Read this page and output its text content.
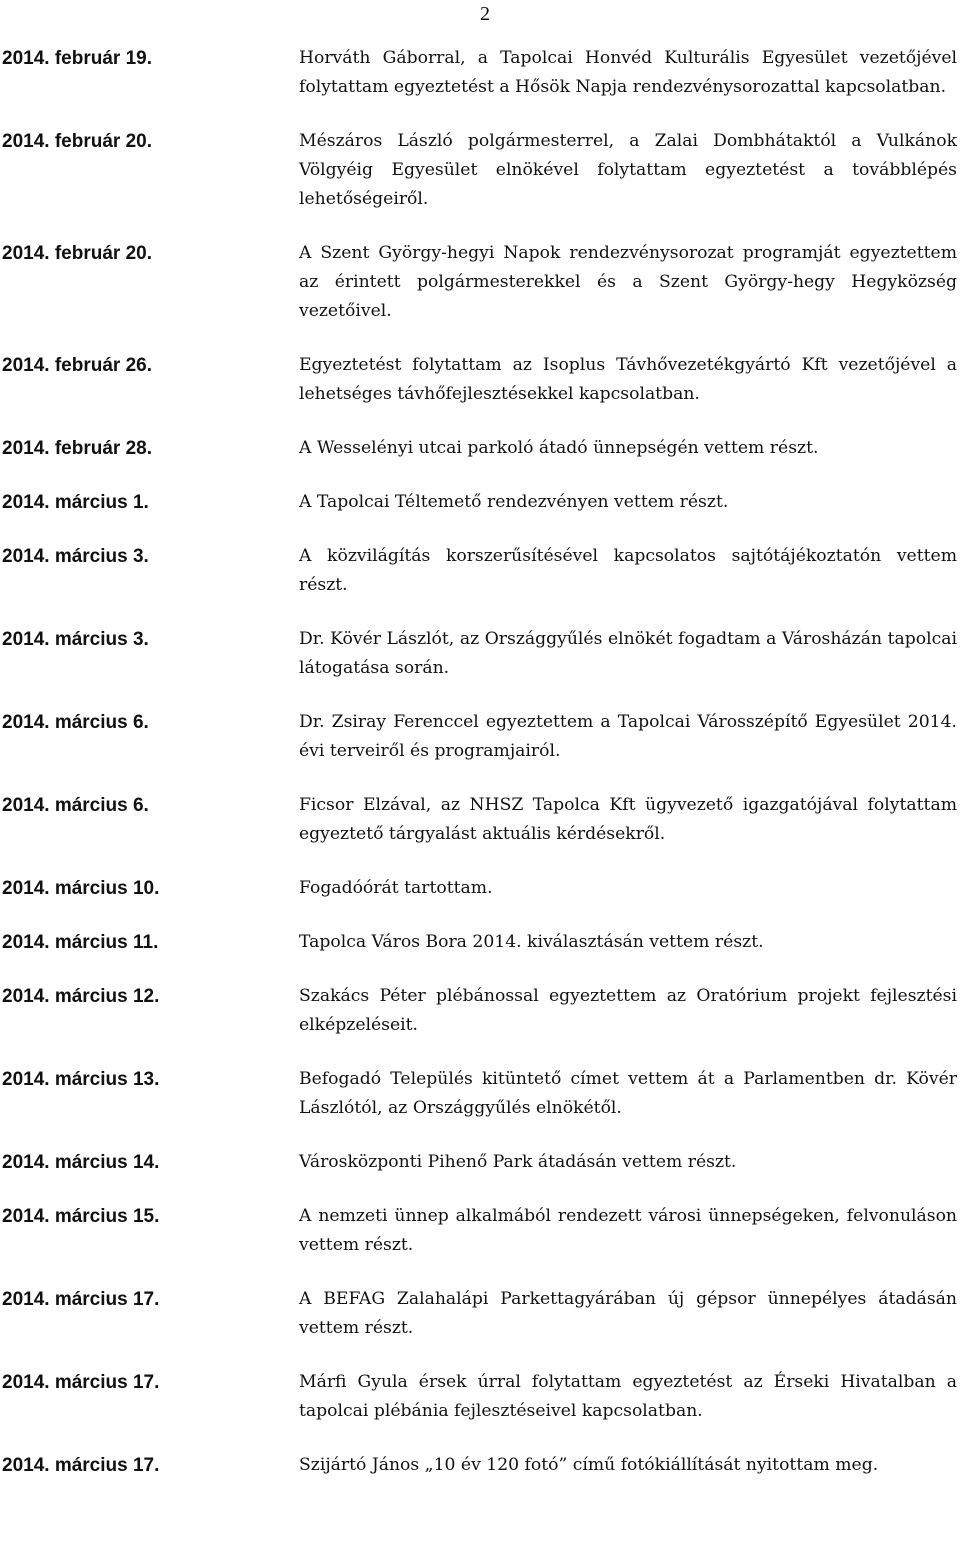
2
2014. február 19.	Horváth Gáborral, a Tapolcai Honvéd Kulturális Egyesület vezetőjével folytattam egyeztetést a Hősök Napja rendezvénysorozattal kapcsolatban.
2014. február 20.	Mészáros László polgármesterrel, a Zalai Dombhátaktól a Vulkánok Völgyéig Egyesület elnökével folytattam egyeztetést a továbblépés lehetőségeiről.
2014. február 20.	A Szent György-hegyi Napok rendezvénysorozat programját egyeztettem az érintett polgármesterekkel és a Szent György-hegy Hegyközség vezetőivel.
2014. február 26.	Egyeztetést folytattam az Isoplus Távhővezetékgyártó Kft vezetőjével a lehetséges távhőfejlesztésekkel kapcsolatban.
2014. február 28.	A Wesselényi utcai parkoló átadó ünnepségén vettem részt.
2014. március 1.	A Tapolcai Téltemető rendezvényen vettem részt.
2014. március 3.	A közvilágítás korszerűsítésével kapcsolatos sajtótájékoztatón vettem részt.
2014. március 3.	Dr. Kövér Lászlót, az Országgyűlés elnökét fogadtam a Városházán tapolcai látogatása során.
2014. március 6.	Dr. Zsiray Ferenccel egyeztettem a Tapolcai Városszépítő Egyesület 2014. évi terveiről és programjairól.
2014. március 6.	Ficsor Elzával, az NHSZ Tapolca Kft ügyvezető igazgatójával folytattam egyeztető tárgyalást aktuális kérdésekről.
2014. március 10.	Fogadóórát tartottam.
2014. március 11.	Tapolca Város Bora 2014. kiválasztásán vettem részt.
2014. március 12.	Szakács Péter plébánossal egyeztettem az Oratórium projekt fejlesztési elképzeléseit.
2014. március 13.	Befogadó Település kitüntető címet vettem át a Parlamentben dr. Kövér Lászlótól, az Országgyűlés elnökétől.
2014. március 14.	Városközponti Pihenő Park átadásán vettem részt.
2014. március 15.	A nemzeti ünnep alkalmából rendezett városi ünnepségeken, felvonuláson vettem részt.
2014. március 17.	A BEFAG Zalahalápi Parkettagyárában új gépsor ünnepélyes átadásán vettem részt.
2014. március 17.	Márfi Gyula érsek úrral folytattam egyeztetést az Érseki Hivatalban a tapolcai plébánia fejlesztéseivel kapcsolatban.
2014. március 17.	Szijártó János „10 év 120 fotó” című fotókiállítását nyitottam meg.
